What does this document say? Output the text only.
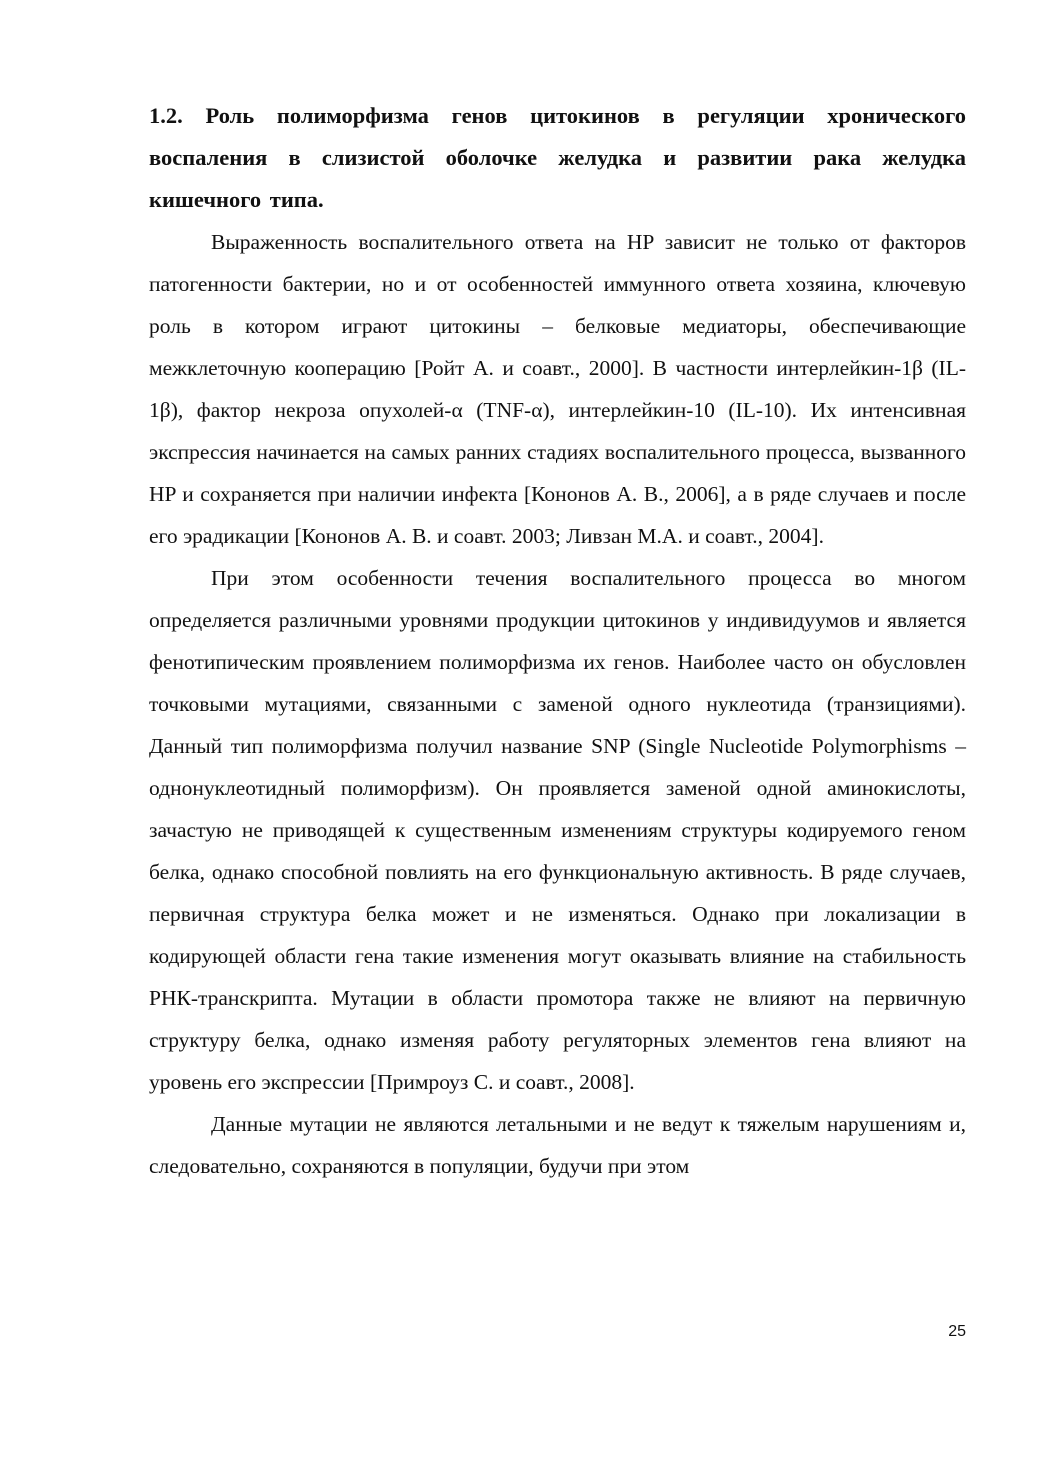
1.2. Роль полиморфизма генов цитокинов в регуляции хронического воспаления в слизистой оболочке желудка и развитии рака желудка кишечного типа.

Выраженность воспалительного ответа на HP зависит не только от факторов патогенности бактерии, но и от особенностей иммунного ответа хозяина, ключевую роль в котором играют цитокины – белковые медиаторы, обеспечивающие межклеточную кооперацию [Ройт А. и соавт., 2000]. В частности интерлейкин-1β (IL-1β), фактор некроза опухолей-α (TNF-α), интерлейкин-10 (IL-10). Их интенсивная экспрессия начинается на самых ранних стадиях воспалительного процесса, вызванного HP и сохраняется при наличии инфекта [Кононов А. В., 2006], а в ряде случаев и после его эрадикации [Кононов А. В. и соавт. 2003; Ливзан М.А. и соавт., 2004].

При этом особенности течения воспалительного процесса во многом определяется различными уровнями продукции цитокинов у индивидуумов и является фенотипическим проявлением полиморфизма их генов. Наиболее часто он обусловлен точковыми мутациями, связанными с заменой одного нуклеотида (транзициями). Данный тип полиморфизма получил название SNP (Single Nucleotide Polymorphisms – однонуклеотидный полиморфизм). Он проявляется заменой одной аминокислоты, зачастую не приводящей к существенным изменениям структуры кодируемого геном белка, однако способной повлиять на его функциональную активность. В ряде случаев, первичная структура белка может и не изменяться. Однако при локализации в кодирующей области гена такие изменения могут оказывать влияние на стабильность РНК-транскрипта. Мутации в области промотора также не влияют на первичную структуру белка, однако изменяя работу регуляторных элементов гена влияют на уровень его экспрессии [Примроуз С. и соавт., 2008].

Данные мутации не являются летальными и не ведут к тяжелым нарушениям и, следовательно, сохраняются в популяции, будучи при этом

25
